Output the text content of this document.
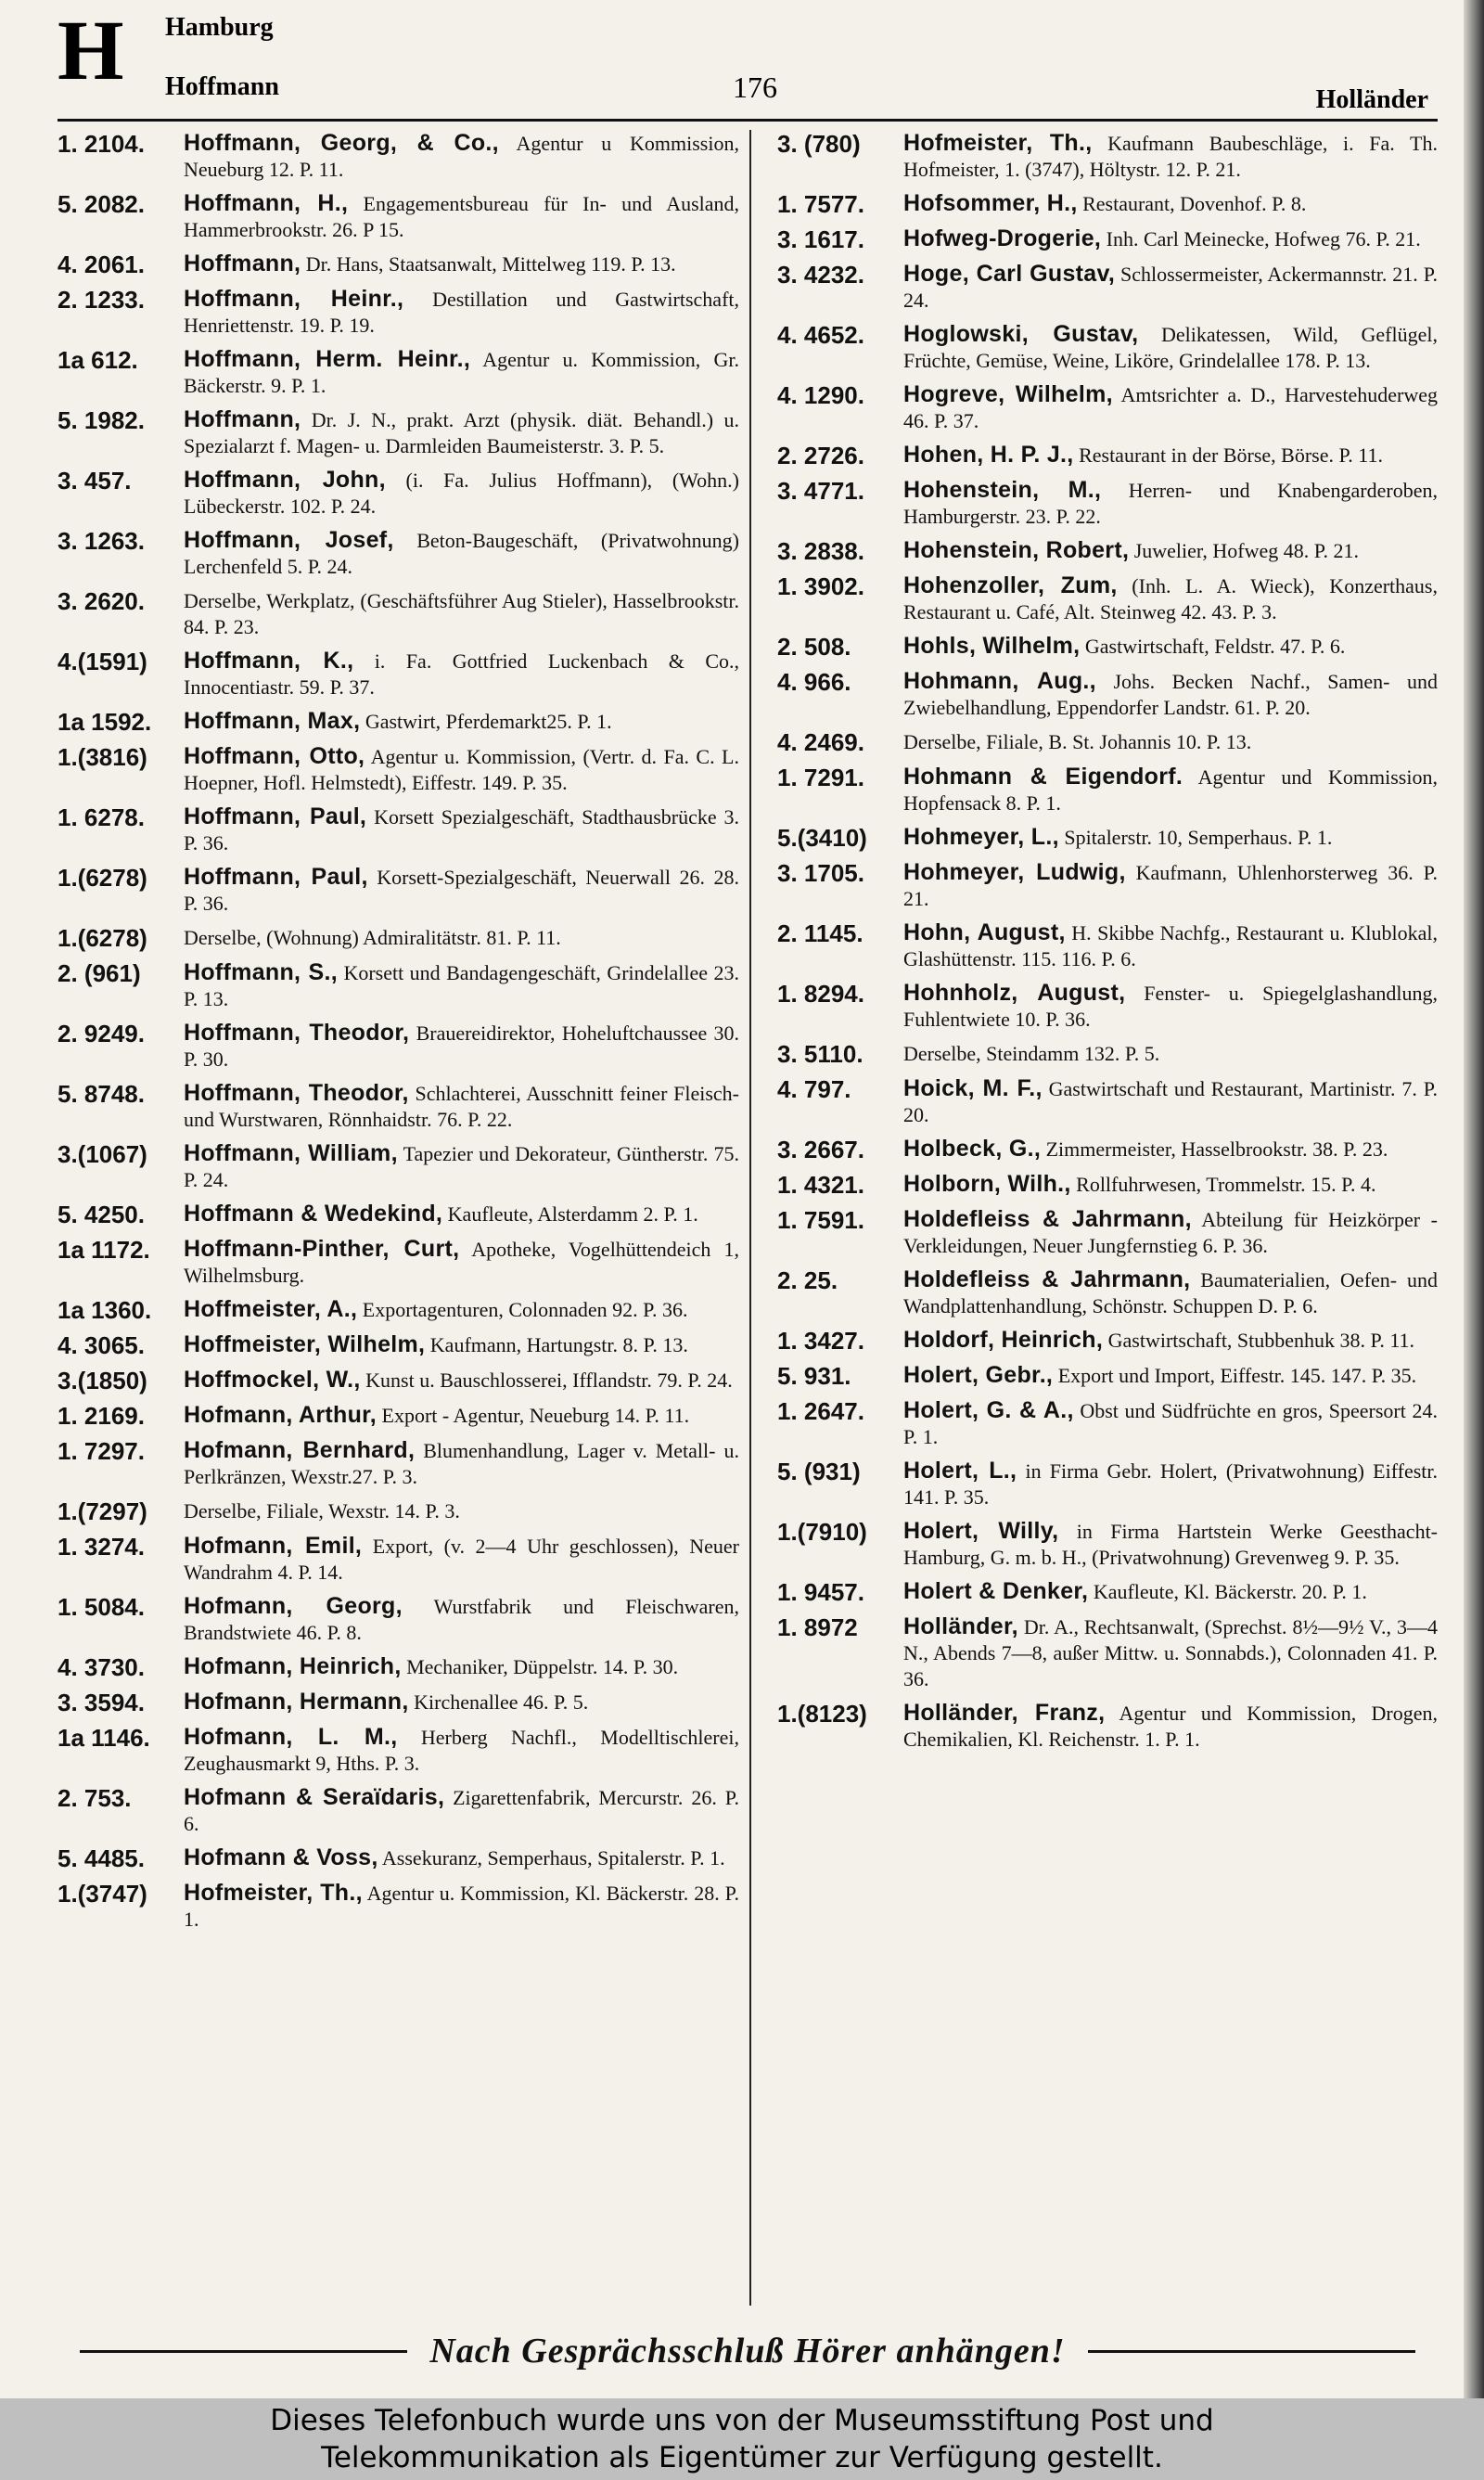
H Hamburg
Hoffmann	176	Holländer
1. 2104.	Hoffmann, Georg, & Co., Agentur u Kommission, Neueburg 12. P. 11.
5. 2082.	Hoffmann, H., Engagementsbureau für In- und Ausland, Hammerbrookstr. 26. P 15.
4. 2061.	Hoffmann, Dr. Hans, Staatsanwalt, Mittelweg 119. P. 13.
2. 1233.	Hoffmann, Heinr., Destillation und Gastwirtschaft, Henriettenstr. 19. P. 19.
1a 612.	Hoffmann, Herm. Heinr., Agentur u. Kommission, Gr. Bäckerstr. 9. P. 1.
5. 1982.	Hoffmann, Dr. J. N., prakt. Arzt (physik. diät. Behandl.) u. Spezialarzt f. Magen- u. Darmleiden Baumeisterstr. 3. P. 5.
3. 457.	Hoffmann, John, (i. Fa. Julius Hoffmann), (Wohn.) Lübeckerstr. 102. P. 24.
3. 1263.	Hoffmann, Josef, Beton-Baugeschäft, (Privatwohnung) Lerchenfeld 5. P. 24.
3. 2620.	Derselbe, Werkplatz, (Geschäftsführer Aug Stieler), Hasselbrookstr. 84. P. 23.
4.(1591)	Hoffmann, K., i. Fa. Gottfried Luckenbach & Co., Innocentiastr. 59. P. 37.
1a 1592.	Hoffmann, Max, Gastwirt, Pferdemarkt25. P. 1.
1.(3816)	Hoffmann, Otto, Agentur u. Kommission, (Vertr. d. Fa. C. L. Hoepner, Hofl. Helmstedt), Eiffestr. 149. P. 35.
1. 6278.	Hoffmann, Paul, Korsett Spezialgeschäft, Stadthausbrücke 3. P. 36.
1.(6278)	Hoffmann, Paul, Korsett-Spezialgeschäft, Neuerwall 26. 28. P. 36.
1.(6278)	Derselbe, (Wohnung) Admiralitätstr. 81. P. 11.
2. (961)	Hoffmann, S., Korsett und Bandagengeschäft, Grindelallee 23. P. 13.
2. 9249.	Hoffmann, Theodor, Brauereidirektor, Hoheluftchaussee 30. P. 30.
5. 8748.	Hoffmann, Theodor, Schlachterei, Ausschnitt feiner Fleisch- und Wurstwaren, Rönnhaidstr. 76. P. 22.
3.(1067)	Hoffmann, William, Tapezier und Dekorateur, Güntherstr. 75. P. 24.
5. 4250.	Hoffmann & Wedekind, Kaufleute, Alsterdamm 2. P. 1.
1a 1172.	Hoffmann-Pinther, Curt, Apotheke, Vogelhüttendeich 1, Wilhelmsburg.
1a 1360.	Hoffmeister, A., Exportagenturen, Colonnaden 92. P. 36.
4. 3065.	Hoffmeister, Wilhelm, Kaufmann, Hartungstr. 8. P. 13.
3.(1850)	Hoffmockel, W., Kunst u. Bauschlosserei, Ifflandstr. 79. P. 24.
1. 2169.	Hofmann, Arthur, Export - Agentur, Neueburg 14. P. 11.
1. 7297.	Hofmann, Bernhard, Blumenhandlung, Lager v. Metall- u. Perlkränzen, Wexstr.27. P. 3.
1.(7297)	Derselbe, Filiale, Wexstr. 14. P. 3.
1. 3274.	Hofmann, Emil, Export, (v. 2—4 Uhr geschlossen), Neuer Wandrahm 4. P. 14.
1. 5084.	Hofmann, Georg, Wurstfabrik und Fleischwaren, Brandstwiete 46. P. 8.
4. 3730.	Hofmann, Heinrich, Mechaniker, Düppelstr. 14. P. 30.
3. 3594.	Hofmann, Hermann, Kirchenallee 46. P. 5.
1a 1146.	Hofmann, L. M., Herberg Nachfl., Modelltischlerei, Zeughausmarkt 9, Hths. P. 3.
2. 753.	Hofmann & Seraïdaris, Zigarettenfabrik, Mercurstr. 26. P. 6.
5. 4485.	Hofmann & Voss, Assekuranz, Semperhaus, Spitalerstr. P. 1.
1.(3747)	Hofmeister, Th., Agentur u. Kommission, Kl. Bäckerstr. 28. P. 1.
3. (780)	Hofmeister, Th., Kaufmann Baubeschläge, i. Fa. Th. Hofmeister, 1. (3747), Höltystr. 12. P. 21.
1. 7577.	Hofsommer, H., Restaurant, Dovenhof. P. 8.
3. 1617.	Hofweg-Drogerie, Inh. Carl Meinecke, Hofweg 76. P. 21.
3. 4232.	Hoge, Carl Gustav, Schlossermeister, Ackermannstr. 21. P. 24.
4. 4652.	Hoglowski, Gustav, Delikatessen, Wild, Geflügel, Früchte, Gemüse, Weine, Liköre, Grindelallee 178. P. 13.
4. 1290.	Hogreve, Wilhelm, Amtsrichter a. D., Harvestehuderweg 46. P. 37.
2. 2726.	Hohen, H. P. J., Restaurant in der Börse, Börse. P. 11.
3. 4771.	Hohenstein, M., Herren- und Knabengarderoben, Hamburgerstr. 23. P. 22.
3. 2838.	Hohenstein, Robert, Juwelier, Hofweg 48. P. 21.
1. 3902.	Hohenzoller, Zum, (Inh. L. A. Wieck), Konzerthaus, Restaurant u. Café, Alt. Steinweg 42. 43. P. 3.
2. 508.	Hohls, Wilhelm, Gastwirtschaft, Feldstr. 47. P. 6.
4. 966.	Hohmann, Aug., Johs. Becken Nachf., Samen- und Zwiebelhandlung, Eppendorfer Landstr. 61. P. 20.
4. 2469.	Derselbe, Filiale, B. St. Johannis 10. P. 13.
1. 7291.	Hohmann & Eigendorf. Agentur und Kommission, Hopfensack 8. P. 1.
5.(3410)	Hohmeyer, L., Spitalerstr. 10, Semperhaus. P. 1.
3. 1705.	Hohmeyer, Ludwig, Kaufmann, Uhlenhorsterweg 36. P. 21.
2. 1145.	Hohn, August, H. Skibbe Nachfg., Restaurant u. Klublokal, Glashüttenstr. 115. 116. P. 6.
1. 8294.	Hohnholz, August, Fenster- u. Spiegelglashandlung, Fuhlentwiete 10. P. 36.
3. 5110.	Derselbe, Steindamm 132. P. 5.
4. 797.	Hoick, M. F., Gastwirtschaft und Restaurant, Martinistr. 7. P. 20.
3. 2667.	Holbeck, G., Zimmermeister, Hasselbrookstr. 38. P. 23.
1. 4321.	Holborn, Wilh., Rollfuhrwesen, Trommelstr. 15. P. 4.
1. 7591.	Holdefleiss & Jahrmann, Abteilung für Heizkörper - Verkleidungen, Neuer Jungfernstieg 6. P. 36.
2. 25.	Holdefleiss & Jahrmann, Baumaterialien, Oefen- und Wandplattenhandlung, Schönstr. Schuppen D. P. 6.
1. 3427.	Holdorf, Heinrich, Gastwirtschaft, Stubbenhuk 38. P. 11.
5. 931.	Holert, Gebr., Export und Import, Eiffestr. 145. 147. P. 35.
1. 2647.	Holert, G. & A., Obst und Südfrüchte en gros, Speersort 24. P. 1.
5. (931)	Holert, L., in Firma Gebr. Holert, (Privatwohnung) Eiffestr. 141. P. 35.
1.(7910)	Holert, Willy, in Firma Hartstein Werke Geesthacht-Hamburg, G. m. b. H., (Privatwohnung) Grevenweg 9. P. 35.
1. 9457.	Holert & Denker, Kaufleute, Kl. Bäckerstr. 20. P. 1.
1. 8972	Holländer, Dr. A., Rechtsanwalt, (Sprechst. 8½—9½ V., 3—4 N., Abends 7—8, außer Mittw. u. Sonnabds.), Colonnaden 41. P. 36.
1.(8123)	Holländer, Franz, Agentur und Kommission, Drogen, Chemikalien, Kl. Reichenstr. 1. P. 1.
Nach Gesprächsschluß Hörer anhängen!
Dieses Telefonbuch wurde uns von der Museumsstiftung Post und
Telekommunikation als Eigentümer zur Verfügung gestellt.
